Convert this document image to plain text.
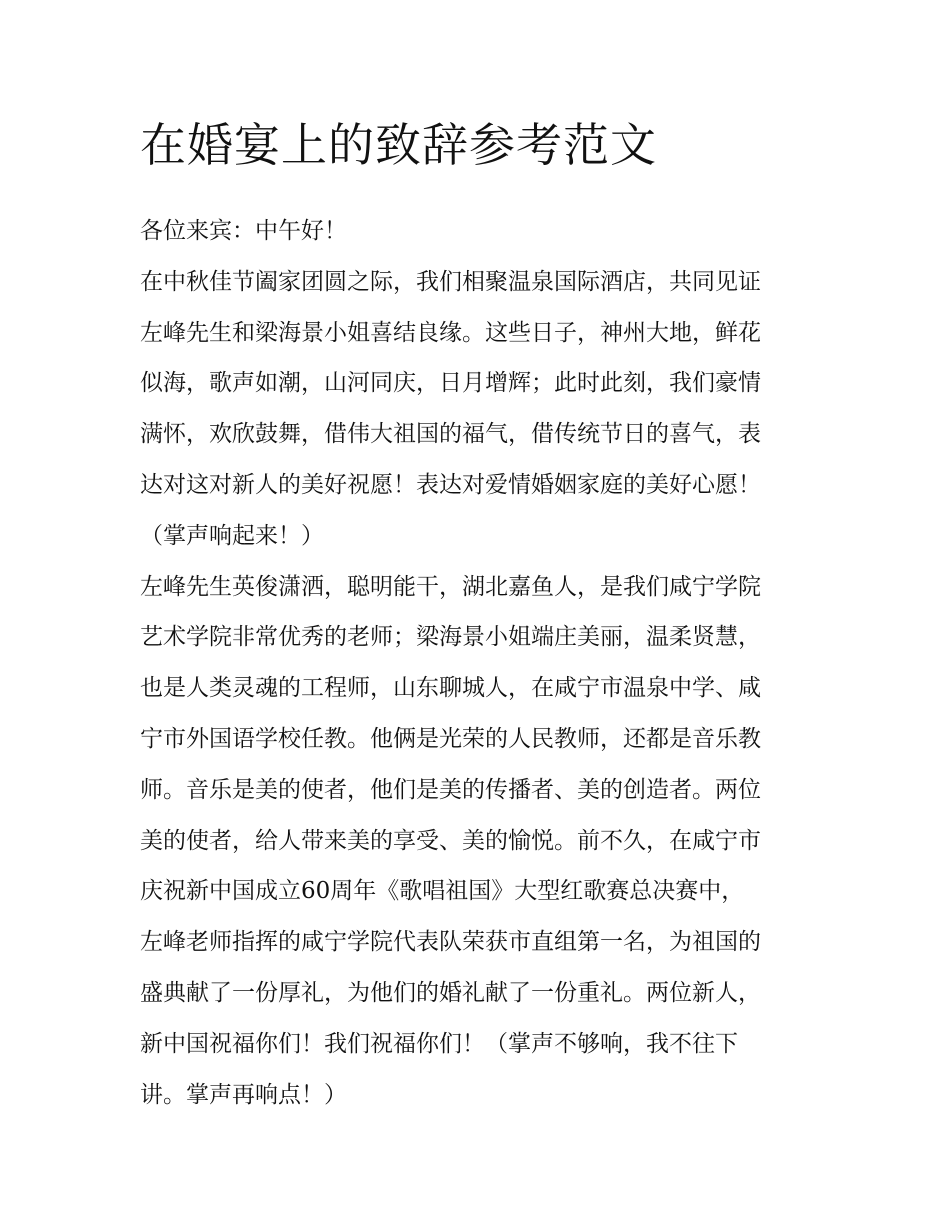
在婚宴上的致辞参考范文
各位来宾：中午好！
在中秋佳节阖家团圆之际，我们相聚温泉国际酒店，共同见证
左峰先生和梁海景小姐喜结良缘。这些日子，神州大地，鲜花
似海，歌声如潮，山河同庆，日月增辉；此时此刻，我们豪情
满怀，欢欣鼓舞，借伟大祖国的福气，借传统节日的喜气，表
达对这对新人的美好祝愿！表达对爱情婚姻家庭的美好心愿！
（掌声响起来！）
左峰先生英俊潇洒，聪明能干，湖北嘉鱼人，是我们咸宁学院
艺术学院非常优秀的老师；梁海景小姐端庄美丽，温柔贤慧，
也是人类灵魂的工程师，山东聊城人，在咸宁市温泉中学、咸
宁市外国语学校任教。他俩是光荣的人民教师，还都是音乐教
师。音乐是美的使者，他们是美的传播者、美的创造者。两位
美的使者，给人带来美的享受、美的愉悦。前不久，在咸宁市
庆祝新中国成立60周年《歌唱祖国》大型红歌赛总决赛中，
左峰老师指挥的咸宁学院代表队荣获市直组第一名，为祖国的
盛典献了一份厚礼，为他们的婚礼献了一份重礼。两位新人，
新中国祝福你们！我们祝福你们！（掌声不够响，我不往下
讲。掌声再响点！）
